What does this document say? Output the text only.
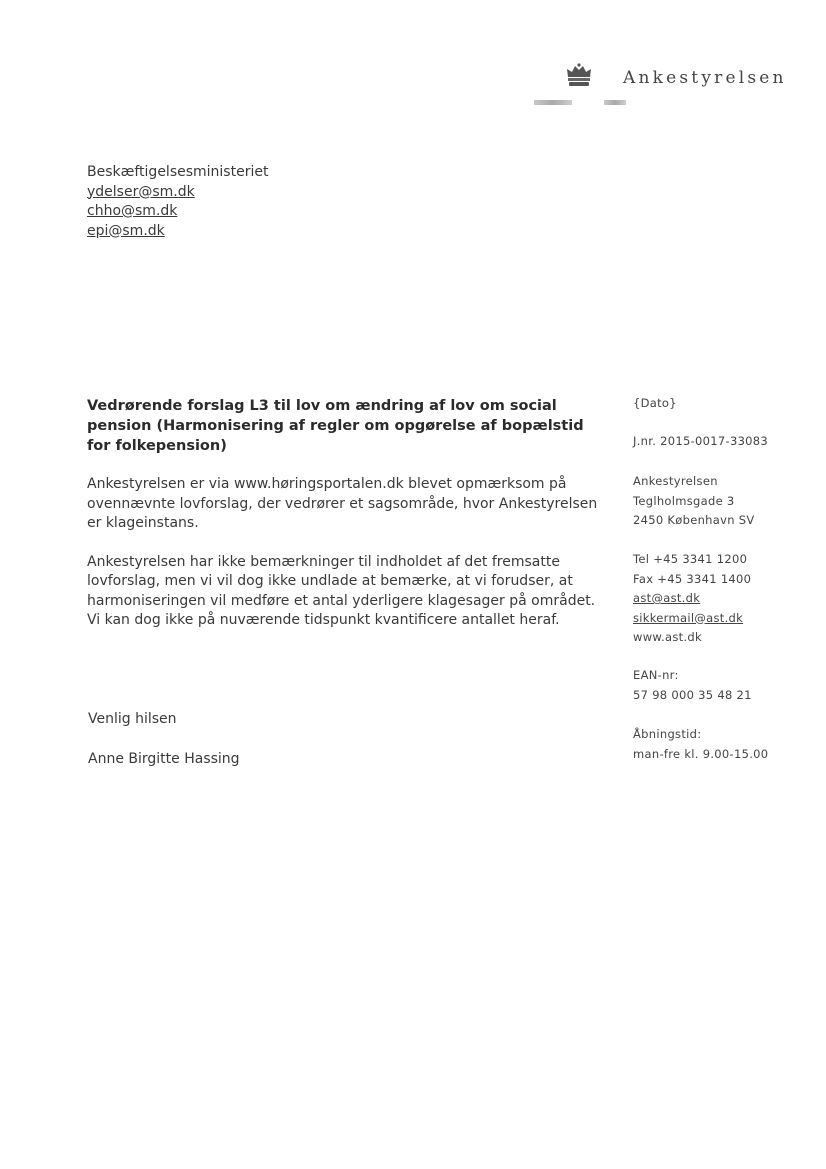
Ankestyrelsen
Beskæftigelsesministeriet
ydelser@sm.dk
chho@sm.dk
epi@sm.dk

Vedrørende forslag L3 til lov om ændring af lov om social pension (Harmonisering af regler om opgørelse af bopælstid for folkepension)

Ankestyrelsen er via www.høringsportalen.dk blevet opmærksom på ovennævnte lovforslag, der vedrører et sagsområde, hvor Ankestyrelsen er klageinstans.

Ankestyrelsen har ikke bemærkninger til indholdet af det fremsatte lovforslag, men vi vil dog ikke undlade at bemærke, at vi forudser, at harmoniseringen vil medføre et antal yderligere klagesager på området. Vi kan dog ikke på nuværende tidspunkt kvantificere antallet heraf.

Venlig hilsen
Anne Birgitte Hassing
{Dato}
J.nr. 2015-0017-33083
Ankestyrelsen
Teglholmsgade 3
2450 København SV
Tel +45 3341 1200
Fax +45 3341 1400
ast@ast.dk
sikkermail@ast.dk
www.ast.dk
EAN-nr:
57 98 000 35 48 21
Åbningstid:
man-fre kl. 9.00-15.00
